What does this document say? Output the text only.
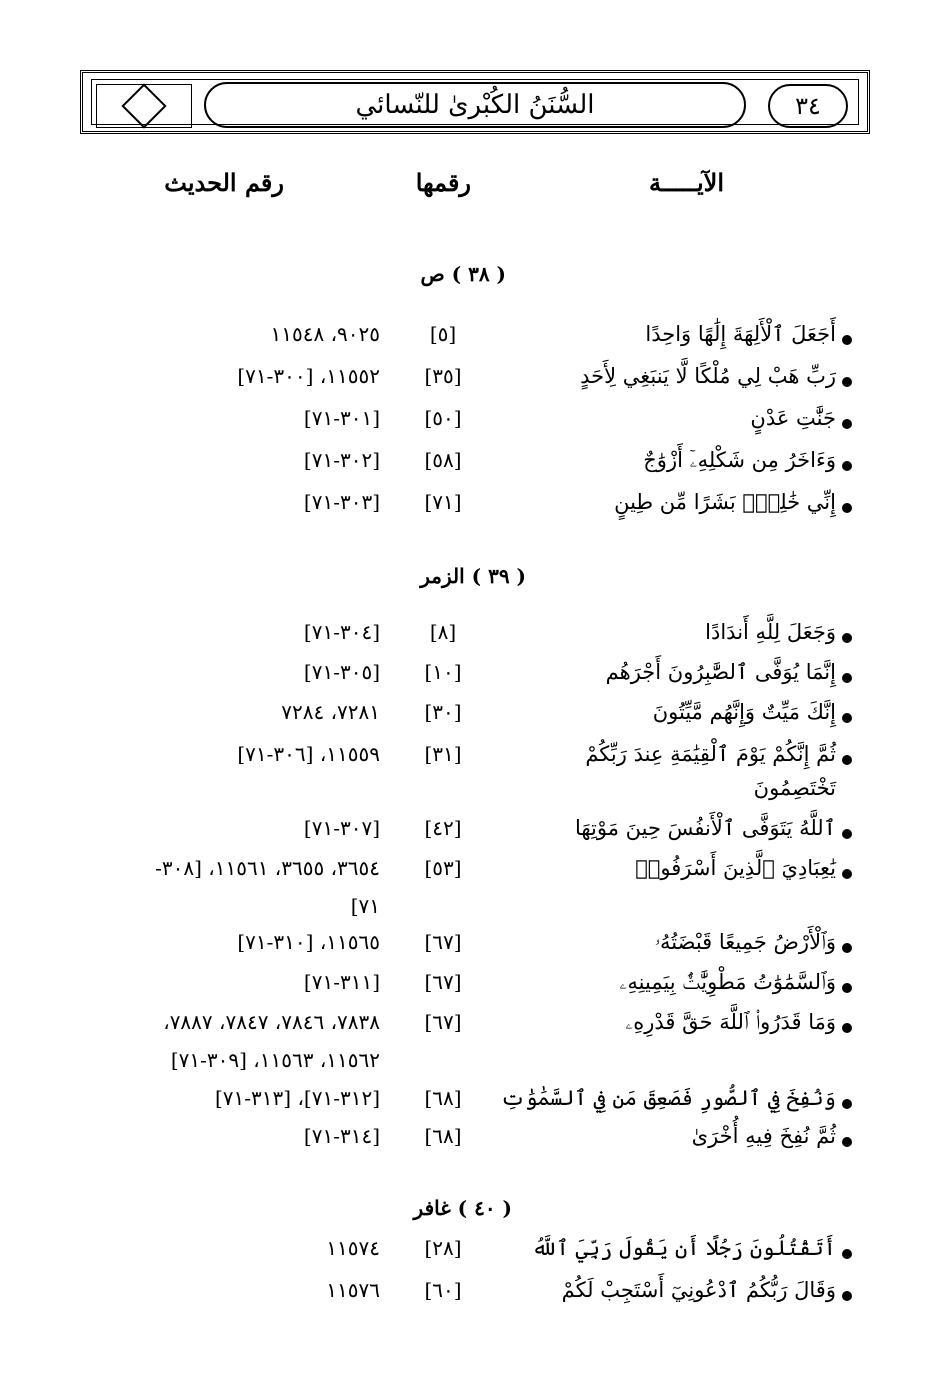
السُّنَنُ الكُبْرىٰ للنّسائي	٣٤
الآيـــــة
رقمها
رقم الحديث
( ٣٨ ) ص
أَجَعَلَ ٱلْأَلِهَةَ إِلَٰهًا وَاحِدًا
[٥]
٩٠٢٥، ١١٥٤٨
رَبِّ هَبْ لِي مُلْكًا لَّا يَنبَغِي لِأَحَدٍ
[٣٥]
١١٥٥٢، [٣٠٠-٧١]
جَنَّٰتِ عَدْنٍ
[٥٠]
[٣٠١-٧١]
وَءَاخَرُ مِن شَكْلِهِۦٓ أَزْوَٰجٌ
[٥٨]
[٣٠٢-٧١]
إِنِّي خَٰلِقٌۢ بَشَرًا مِّن طِينٍ
[٧١]
[٣٠٣-٧١]
( ٣٩ ) الزمر
وَجَعَلَ لِلَّهِ أَندَادًا
[٨]
[٣٠٤-٧١]
إِنَّمَا يُوَفَّى ٱلصَّٰبِرُونَ أَجْرَهُم
[١٠]
[٣٠٥-٧١]
إِنَّكَ مَيِّتٌ وَإِنَّهُم مَّيِّتُونَ
[٣٠]
٧٢٨١، ٧٢٨٤
ثُمَّ إِنَّكُمْ يَوْمَ ٱلْقِيَٰمَةِ عِندَ رَبِّكُمْ
تَخْتَصِمُونَ
[٣١]
١١٥٥٩، [٣٠٦-٧١]
ٱللَّهُ يَتَوَفَّى ٱلْأَنفُسَ حِينَ مَوْتِهَا
[٤٢]
[٣٠٧-٧١]
يَٰعِبَادِيَ ٱلَّذِينَ أَسْرَفُوا۟
[٥٣]
٣٦٥٤، ٣٦٥٥، ١١٥٦١، [٣٠٨-
٧١]
وَٱلْأَرْضُ جَمِيعًا قَبْضَتُهُۥ
[٦٧]
١١٥٦٥، [٣١٠-٧١]
وَٱلسَّمَٰوَٰتُ مَطْوِيَّٰتٌۢ بِيَمِينِهِۦ
[٦٧]
[٣١١-٧١]
وَمَا قَدَرُوا۟ ٱللَّهَ حَقَّ قَدْرِهِۦ
[٦٧]
٧٨٣٨، ٧٨٤٦، ٧٨٤٧، ٧٨٨٧،
١١٥٦٢، ١١٥٦٣، [٣٠٩-٧١]
وَنُفِخَ فِي ٱلصُّورِ فَصَعِقَ مَن فِي ٱلسَّمَٰوَٰتِ
[٦٨]
[٣١٢-٧١]، [٣١٣-٧١]
ثُمَّ نُفِخَ فِيهِ أُخْرَىٰ
[٦٨]
[٣١٤-٧١]
( ٤٠ ) غافر
أَتَقْتُلُونَ رَجُلًا أَن يَقُولَ رَبِّيَ ٱللَّهُ
[٢٨]
١١٥٧٤
وَقَالَ رَبُّكُمُ ٱدْعُونِيٓ أَسْتَجِبْ لَكُمْ
[٦٠]
١١٥٧٦
